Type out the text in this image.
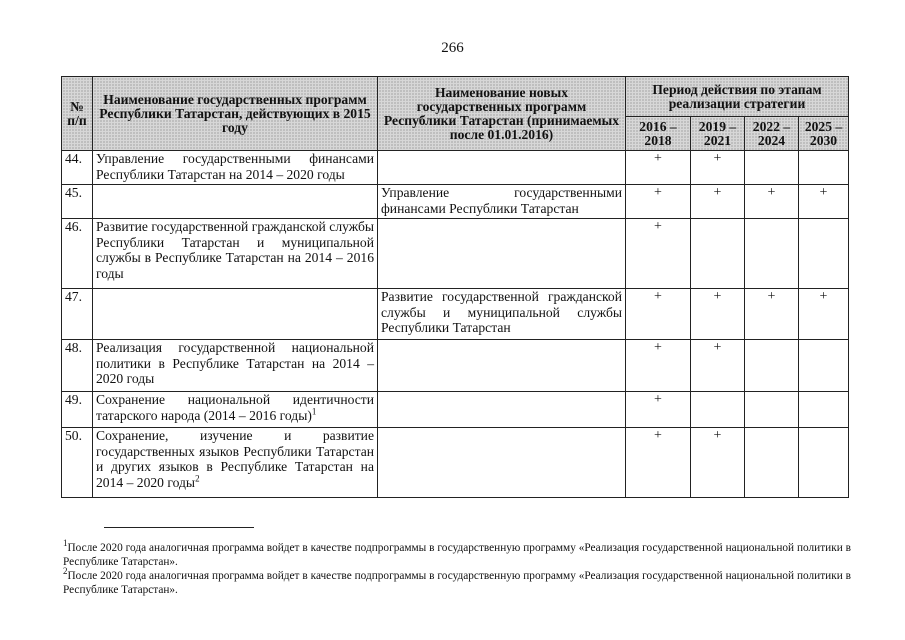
266
№ п/п	Наименование государственных программ Республики Татарстан, действующих в 2015 году	Наименование новых государственных программ Республики Татарстан (принимаемых после 01.01.2016)	Период действия по этапам реализации стратегии			
			2016 – 2018	2019 – 2021	2022 – 2024	2025 – 2030
44.	Управление государственными финансами Республики Татарстан на 2014 – 2020 годы		+	+		
45.		Управление государственными финансами Республики Татарстан	+	+	+	+
46.	Развитие государственной гражданской службы Республики Татарстан и муниципальной службы в Республике Татарстан на 2014 – 2016 годы		+			
47.		Развитие государственной гражданской службы и муниципальной службы Республики Татарстан	+	+	+	+
48.	Реализация государственной национальной политики в Республике Татарстан на 2014 – 2020 годы		+	+		
49.	Сохранение национальной идентичности татарского народа (2014 – 2016 годы)$^1$		+			
50.	Сохранение, изучение и развитие государственных языков Республики Татарстан и других языков в Республике Татарстан на 2014 – 2020 годы$^2$		+	+		

$^1$После 2020 года аналогичная программа войдет в качестве подпрограммы в государственную программу «Реализация государственной национальной политики в Республике Татарстан».

$^2$После 2020 года аналогичная программа войдет в качестве подпрограммы в государственную программу «Реализация государственной национальной политики в Республике Татарстан».
